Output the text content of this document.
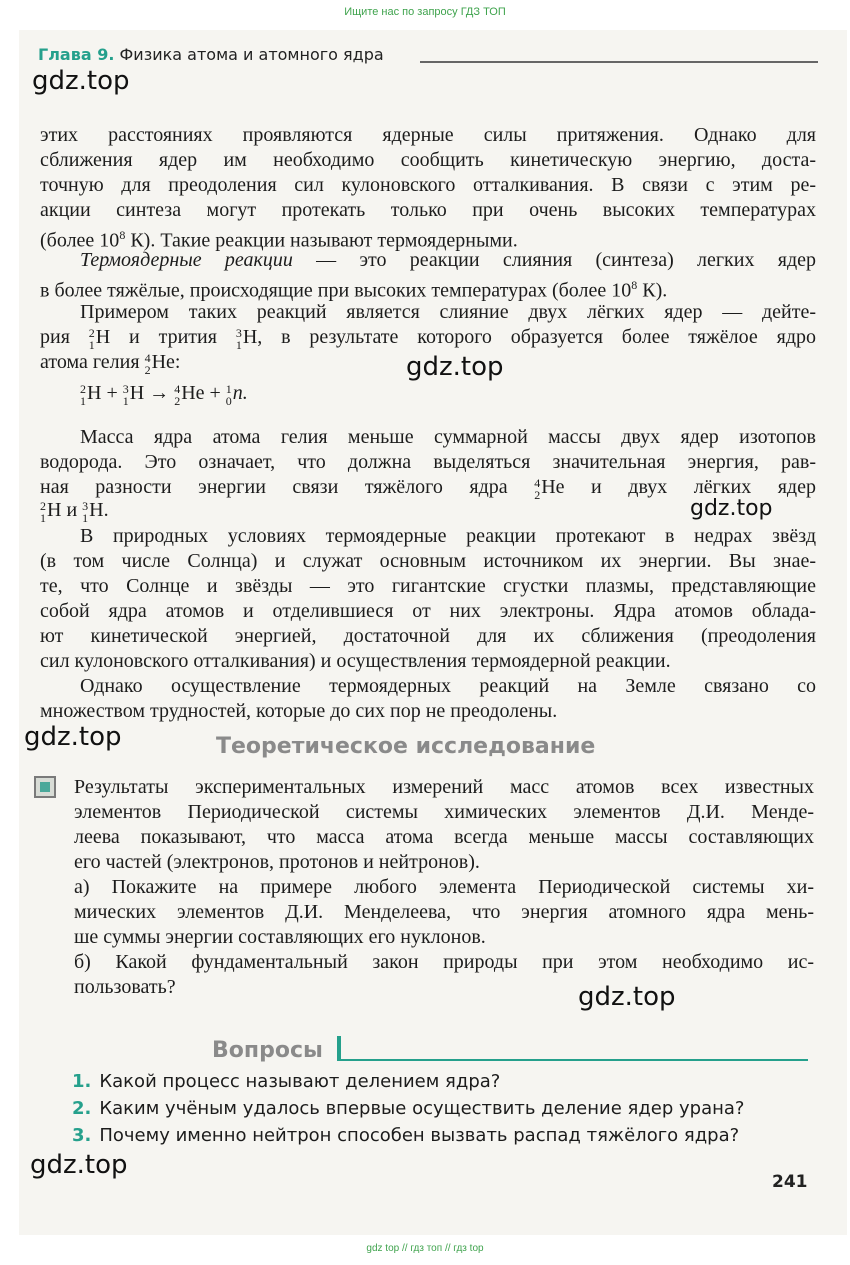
Ищите нас по запросу ГДЗ ТОП
Глава 9. Физика атома и атомного ядра
gdz.top
gdz.top
gdz.top
gdz.top
gdz.top
gdz.top
этих расстояниях проявляются ядерные силы притяжения. Однако для
сближения ядер им необходимо сообщить кинетическую энергию, доста-
точную для преодоления сил кулоновского отталкивания. В связи с этим ре-
акции синтеза могут протекать только при очень высоких температурах
(более $10^8$ К). Такие реакции называют термоядерными.
Термоядерные реакции — это реакции слияния (синтеза) легких ядер
в более тяжёлые, происходящие при высоких температурах (более $10^8$ К).
Примером таких реакций является слияние двух лёгких ядер — дейте-
рия 2
1 H и трития 3
1 H, в результате которого образуется более тяжёлое ядро
атома гелия 4
2 He:
2
1 H + 3
1 H → 4
2 He + 1
0 n.
Масса ядра атома гелия меньше суммарной массы двух ядер изотопов
водорода. Это означает, что должна выделяться значительная энергия, рав-
ная разности энергии связи тяжёлого ядра 4
2 He и двух лёгких ядер
2
1 H и 3
1 H.
В природных условиях термоядерные реакции протекают в недрах звёзд
(в том числе Солнца) и служат основным источником их энергии. Вы знае-
те, что Солнце и звёзды — это гигантские сгустки плазмы, представляющие
собой ядра атомов и отделившиеся от них электроны. Ядра атомов облада-
ют кинетической энергией, достаточной для их сближения (преодоления
сил кулоновского отталкивания) и осуществления термоядерной реакции.
Однако осуществление термоядерных реакций на Земле связано со
множеством трудностей, которые до сих пор не преодолены.
Теоретическое исследование
Результаты экспериментальных измерений масс атомов всех известных
элементов Периодической системы химических элементов Д.И. Менде-
леева показывают, что масса атома всегда меньше массы составляющих
его частей (электронов, протонов и нейтронов).
а) Покажите на примере любого элемента Периодической системы хи-
мических элементов Д.И. Менделеева, что энергия атомного ядра мень-
ше суммы энергии составляющих его нуклонов.
б) Какой фундаментальный закон природы при этом необходимо ис-
пользовать?
Вопросы
1. Какой процесс называют делением ядра?
2. Каким учёным удалось впервые осуществить деление ядер урана?
3. Почему именно нейтрон способен вызвать распад тяжёлого ядра?
241
gdz top // гдз топ // гдз top
